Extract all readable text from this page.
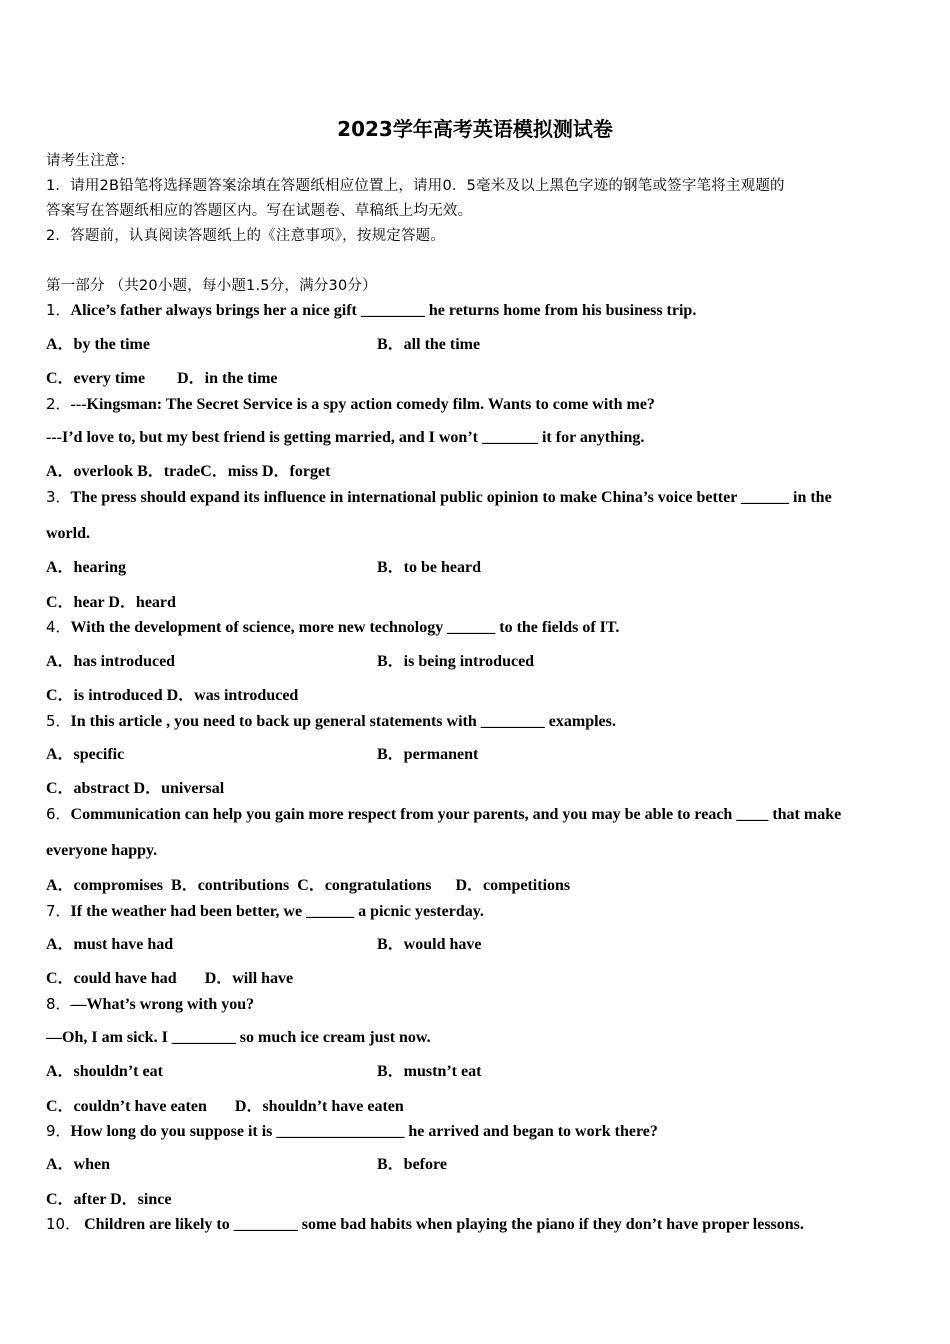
2023学年高考英语模拟测试卷
请考生注意：
1．请用2B铅笔将选择题答案涂填在答题纸相应位置上，请用0．5毫米及以上黑色字迹的钢笔或签字笔将主观题的
答案写在答题纸相应的答题区内。写在试题卷、草稿纸上均无效。
2．答题前，认真阅读答题纸上的《注意事项》，按规定答题。
第一部分 （共20小题，每小题1.5分，满分30分）
1．Alice’s father always brings her a nice gift ________ he returns home from his business trip.
A．by the time	B．all the time
C．every time　　D．in the time
2．---Kingsman: The Secret Service is a spy action comedy film. Wants to come with me?
---I’d love to, but my best friend is getting married, and I won’t _______ it for anything.
A．overlook B．tradeC．miss D．forget
3．The press should expand its influence in international public opinion to make China’s voice better ______ in the
world.
A．hearing	B．to be heard
C．hear D．heard
4．With the development of science, more new technology ______ to the fields of IT.
A．has introduced	B．is being introduced
C．is introduced D．was introduced
5．In this article , you need to back up general statements with ________ examples.
A．specific	B．permanent
C．abstract D．universal
6．Communication can help you gain more respect from your parents, and you may be able to reach ____ that make
everyone happy.
A．compromises  B．contributions  C．congratulations      D．competitions
7．If the weather had been better, we ______ a picnic yesterday.
A．must have had	B．would have
C．could have had       D．will have
8．—What’s wrong with you?
—Oh, I am sick. I ________ so much ice cream just now.
A．shouldn’t eat	B．mustn’t eat
C．couldn’t have eaten       D．shouldn’t have eaten
9．How long do you suppose it is ________________ he arrived and began to work there?
A．when	B．before
C．after D．since
10． Children are likely to ________ some bad habits when playing the piano if they don’t have proper lessons.
